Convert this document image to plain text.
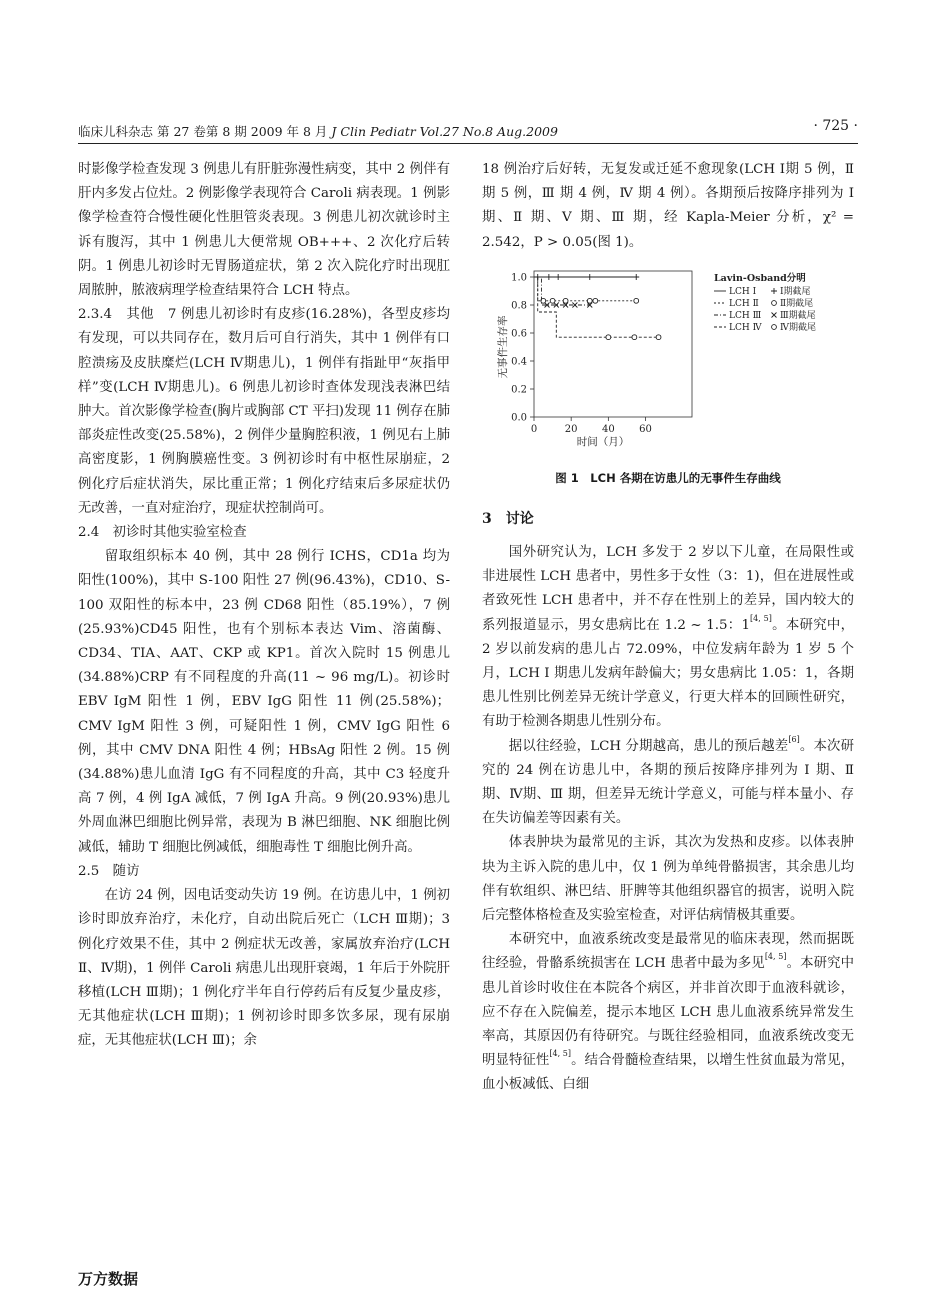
临床儿科杂志 第 27 卷第 8 期 2009 年 8 月 J Clin Pediatr Vol.27 No.8 Aug.2009	· 725 ·

时影像学检查发现 3 例患儿有肝脏弥漫性病变，其中 2 例伴有肝内多发占位灶。2 例影像学表现符合 Caroli 病表现。1 例影像学检查符合慢性硬化性胆管炎表现。3 例患儿初次就诊时主诉有腹泻，其中 1 例患儿大便常规 OB+++、2 次化疗后转阴。1 例患儿初诊时无胃肠道症状，第 2 次入院化疗时出现肛周脓肿，脓液病理学检查结果符合 LCH 特点。

2.3.4　其他　 7 例患儿初诊时有皮疹(16.28%)，各型皮疹均有发现，可以共同存在，数月后可自行消失，其中 1 例伴有口腔溃疡及皮肤糜烂(LCH Ⅳ期患儿)，1 例伴有指趾甲“灰指甲样”变(LCH Ⅳ期患儿)。6 例患儿初诊时查体发现浅表淋巴结肿大。首次影像学检查(胸片或胸部 CT 平扫)发现 11 例存在肺部炎症性改变(25.58%)，2 例伴少量胸腔积液，1 例见右上肺高密度影，1 例胸膜癌性变。3 例初诊时有中枢性尿崩症，2 例化疗后症状消失，尿比重正常；1 例化疗结束后多尿症状仍无改善，一直对症治疗，现症状控制尚可。

2.4　初诊时其他实验室检查

留取组织标本 40 例，其中 28 例行 ICHS，CD1a 均为阳性(100%)，其中 S-100 阳性 27 例(96.43%)，CD10、S-100 双阳性的标本中，23 例 CD68 阳性（85.19%），7 例(25.93%)CD45 阳性，也有个别标本表达 Vim、溶菌酶、CD34、TIA、AAT、CKP 或 KP1。首次入院时 15 例患儿(34.88%)CRP 有不同程度的升高(11 ~ 96 mg/L)。初诊时 EBV IgM 阳性 1 例，EBV IgG 阳性 11 例(25.58%)；CMV IgM 阳性 3 例，可疑阳性 1 例，CMV IgG 阳性 6 例，其中 CMV DNA 阳性 4 例；HBsAg 阳性 2 例。15 例(34.88%)患儿血清 IgG 有不同程度的升高，其中 C3 轻度升高 7 例，4 例 IgA 减低，7 例 IgA 升高。9 例(20.93%)患儿外周血淋巴细胞比例异常，表现为 B 淋巴细胞、NK 细胞比例减低，辅助 T 细胞比例减低，细胞毒性 T 细胞比例升高。

2.5　随访

在访 24 例，因电话变动失访 19 例。在访患儿中，1 例初诊时即放弃治疗，未化疗，自动出院后死亡（LCH Ⅲ期)；3 例化疗效果不佳，其中 2 例症状无改善，家属放弃治疗(LCH Ⅱ、Ⅳ期)，1 例伴 Caroli 病患儿出现肝衰竭，1 年后于外院肝移植(LCH Ⅲ期)；1 例化疗半年自行停药后有反复少量皮疹，无其他症状(LCH Ⅲ期)；1 例初诊时即多饮多尿，现有尿崩症，无其他症状(LCH Ⅲ)；余

18 例治疗后好转，无复发或迁延不愈现象(LCH Ⅰ期 5 例，Ⅱ 期 5 例，Ⅲ 期 4 例，Ⅳ 期 4 例）。各期预后按降序排列为 Ⅰ 期、Ⅱ 期、Ⅴ 期、Ⅲ 期，经 Kapla-Meier 分析，χ² = 2.542，P > 0.05(图 1)。

0.0
0.2
0.4
0.6
0.8
1.0
0	20 40 60
时间（月）
无事件生存率
Lavin-Osband分明
LCH Ⅰ	Ⅰ期截尾
LCH Ⅱ Ⅱ期截尾
LCH Ⅲ Ⅲ期截尾
LCH Ⅳ Ⅳ期截尾
图 1　LCH 各期在访患儿的无事件生存曲线

3　讨论

国外研究认为，LCH 多发于 2 岁以下儿童，在局限性或非进展性 LCH 患者中，男性多于女性（3：1)，但在进展性或者致死性 LCH 患者中，并不存在性别上的差异，国内较大的系列报道显示，男女患病比在 1.2 ~ 1.5：1[4, 5]。本研究中，2 岁以前发病的患儿占 72.09%，中位发病年龄为 1 岁 5 个月，LCH Ⅰ 期患儿发病年龄偏大；男女患病比 1.05：1，各期患儿性别比例差异无统计学意义，行更大样本的回顾性研究，有助于检测各期患儿性别分布。

据以往经验，LCH 分期越高，患儿的预后越差[6]。本次研究的 24 例在访患儿中，各期的预后按降序排列为 Ⅰ 期、Ⅱ 期、Ⅳ期、Ⅲ 期，但差异无统计学意义，可能与样本量小、存在失访偏差等因素有关。

体表肿块为最常见的主诉，其次为发热和皮疹。以体表肿块为主诉入院的患儿中，仅 1 例为单纯骨骼损害，其余患儿均伴有软组织、淋巴结、肝脾等其他组织器官的损害，说明入院后完整体格检查及实验室检查，对评估病情极其重要。

本研究中，血液系统改变是最常见的临床表现，然而据既往经验，骨骼系统损害在 LCH 患者中最为多见[4, 5]。本研究中患儿首诊时收住在本院各个病区，并非首次即于血液科就诊，应不存在入院偏差，提示本地区 LCH 患儿血液系统异常发生率高，其原因仍有待研究。与既往经验相同，血液系统改变无明显特征性[4, 5]。结合骨髓检查结果，以增生性贫血最为常见，血小板减低、白细

万方数据
